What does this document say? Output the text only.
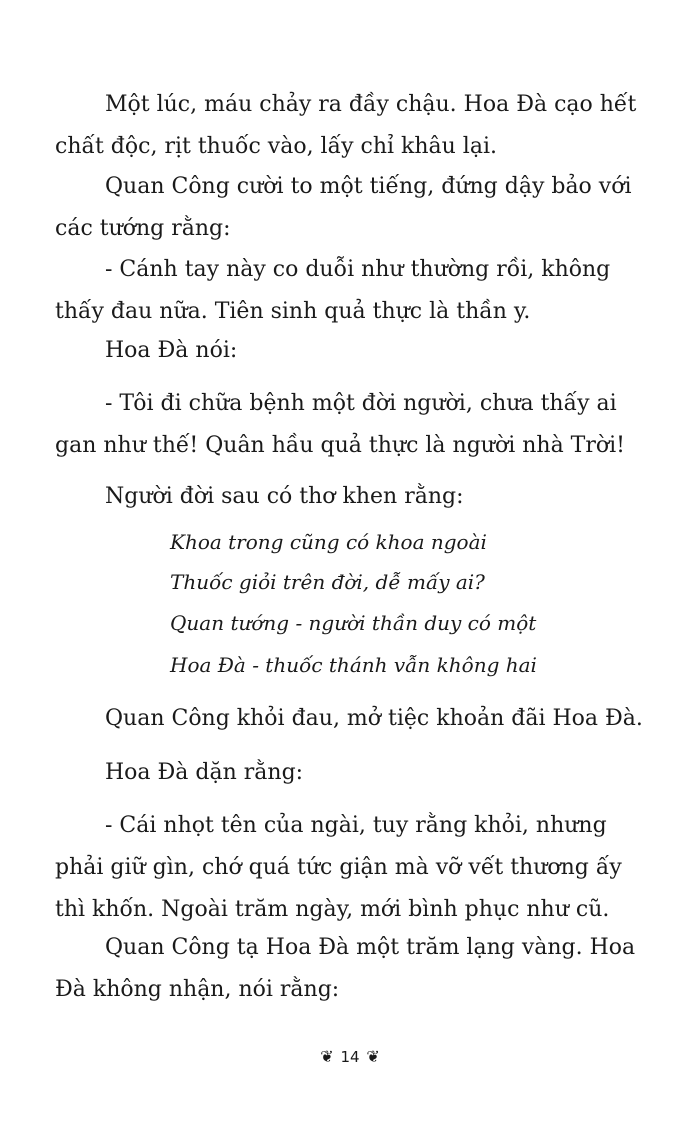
Một lúc, máu chảy ra đầy chậu. Hoa Đà cạo hết
chất độc, rịt thuốc vào, lấy chỉ khâu lại.
Quan Công cười to một tiếng, đứng dậy bảo với
các tướng rằng:
- Cánh tay này co duỗi như thường rồi, không
thấy đau nữa. Tiên sinh quả thực là thần y.
Hoa Đà nói:
- Tôi đi chữa bệnh một đời người, chưa thấy ai
gan như thế! Quân hầu quả thực là người nhà Trời!
Người đời sau có thơ khen rằng:

Khoa trong cũng có khoa ngoài

Thuốc giỏi trên đời, dễ mấy ai?

Quan tướng - người thần duy có một

Hoa Đà - thuốc thánh vẫn không hai

Quan Công khỏi đau, mở tiệc khoản đãi Hoa Đà.
Hoa Đà dặn rằng:
- Cái nhọt tên của ngài, tuy rằng khỏi, nhưng
phải giữ gìn, chớ quá tức giận mà vỡ vết thương ấy
thì khốn. Ngoài trăm ngày, mới bình phục như cũ.
Quan Công tạ Hoa Đà một trăm lạng vàng. Hoa
Đà không nhận, nói rằng:
❦ 14 ❦
